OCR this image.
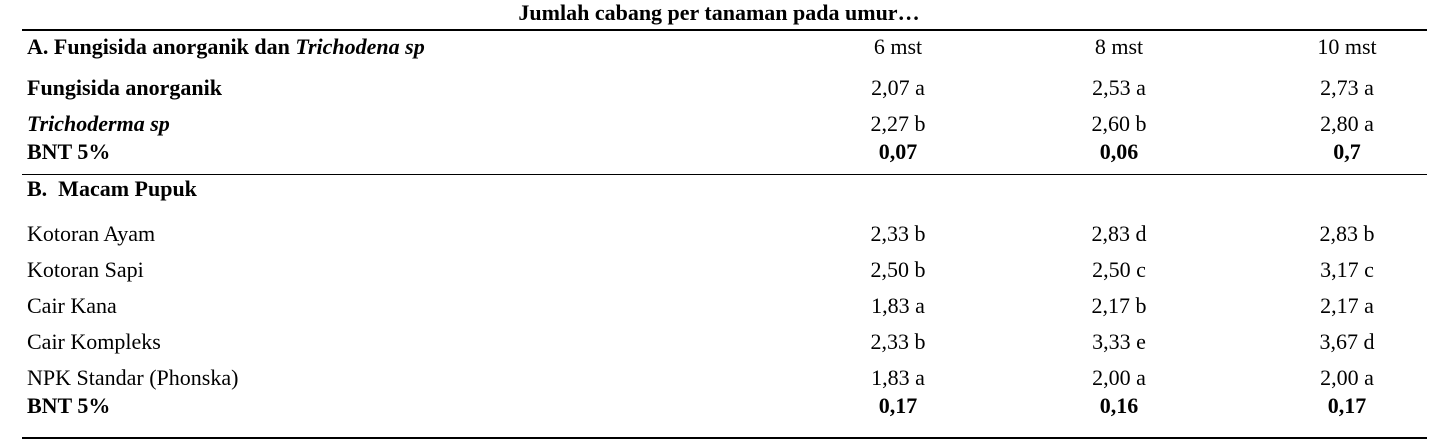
Jumlah cabang per tanaman pada umur…
A. Fungisida anorganik dan Trichodena sp	6 mst	8 mst	10 mst
Fungisida anorganik	2,07 a	2,53 a	2,73 a
Trichoderma sp	2,27 b	2,60 b	2,80 a
BNT 5%	0,07	0,06	0,7
B.  Macam Pupuk			
Kotoran Ayam	2,33 b	2,83 d	2,83 b
Kotoran Sapi	2,50 b	2,50 c	3,17 c
Cair Kana	1,83 a	2,17 b	2,17 a
Cair Kompleks	2,33 b	3,33 e	3,67 d
NPK Standar (Phonska)	1,83 a	2,00 a	2,00 a
BNT 5%	0,17	0,16	0,17
